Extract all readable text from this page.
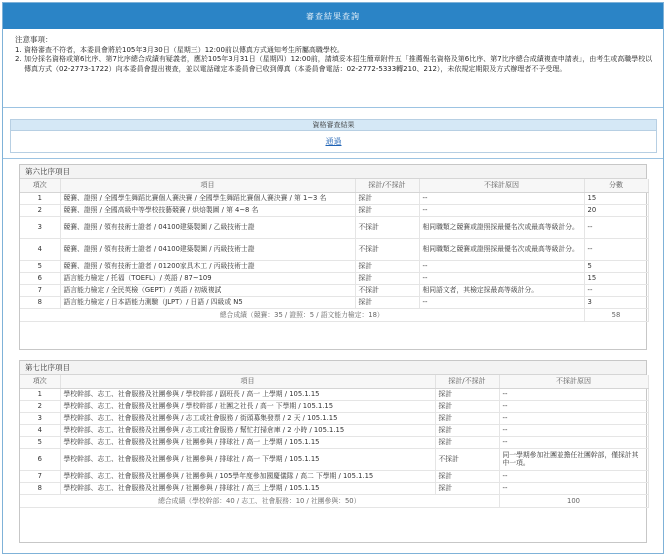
審查結果查詢
注意事項：
1. 資格審查不符者，本委員會將於105年3月30日（星期三）12:00前以傳真方式通知考生所屬高職學校。
2. 加分採名資格或第6比序、第7比序總合成績有疑義者，應於105年3月31日（星期四）12:00前，請填妥本招生簡章附件五「推薦報名資格及第6比序、第7比序總合成績複查申請表」，由考生或高職學校以傳真方式（02-2773-1722）向本委員會提出複查，並以電話確定本委員會已收到傳真（本委員會電話：02-2772-5333轉210、212），未依規定期限及方式辦理者不予受理。
資格審查結果
通過
第六比序項目
項次	項目	採計/不採計	不採計原因	分數
1	競賽、證照 / 全國學生舞蹈比賽個人賽決賽 / 全國學生舞蹈比賽個人賽決賽 / 第 1~3 名	採計	--	15
2	競賽、證照 / 全國高級中等學校技藝競賽 / 烘焙製圖 / 第 4~8 名	採計	--	20
3	競賽、證照 / 領有技術士證者 / 04100建築製圖 / 乙級技術士證	不採計	相同職類之競賽或證照採最優名次或最高等級計分。	--
4	競賽、證照 / 領有技術士證者 / 04100建築製圖 / 丙級技術士證	不採計	相同職類之競賽或證照採最優名次或最高等級計分。	--
5	競賽、證照 / 領有技術士證者 / 01200家具木工 / 丙級技術士證	採計	--	5
6	語言能力檢定 / 托福（TOEFL）/ 英語 / 87~109	採計	--	15
7	語言能力檢定 / 全民英檢（GEPT）/ 英語 / 初級複試	不採計	相同語文者，其檢定採最高等級計分。	--
8	語言能力檢定 / 日本語能力測驗（JLPT）/ 日語 / 四級或 N5	採計	--	3
總合成績（競賽：35 / 證照：5 / 語文能力檢定：18）				58
第七比序項目
項次	項目	採計/不採計	不採計原因
1	學校幹部、志工、社會服務及社團參與 / 學校幹部 / 副班長 / 高一 上學期 / 105.1.15	採計	--
2	學校幹部、志工、社會服務及社團參與 / 學校幹部 / 社團之社長 / 高一 下學期 / 105.1.15	採計	--
3	學校幹部、志工、社會服務及社團參與 / 志工或社會服務 / 街頭募集發票 / 2 天 / 105.1.15	採計	--
4	學校幹部、志工、社會服務及社團參與 / 志工或社會服務 / 幫忙打掃倉庫 / 2 小時 / 105.1.15	採計	--
5	學校幹部、志工、社會服務及社團參與 / 社團參與 / 排球社 / 高一 上學期 / 105.1.15	採計	--
6	學校幹部、志工、社會服務及社團參與 / 社團參與 / 排球社 / 高一 下學期 / 105.1.15	不採計	同一學期參加社團並擔任社團幹部，僅採計其中一項。
7	學校幹部、志工、社會服務及社團參與 / 社團參與 / 105學年度參加國慶儀隊 / 高二 下學期 / 105.1.15	採計	--
8	學校幹部、志工、社會服務及社團參與 / 社團參與 / 排球社 / 高三 上學期 / 105.1.15	採計	--
總合成績（學校幹部：40 / 志工、社會服務：10 / 社團參與：50）			100
